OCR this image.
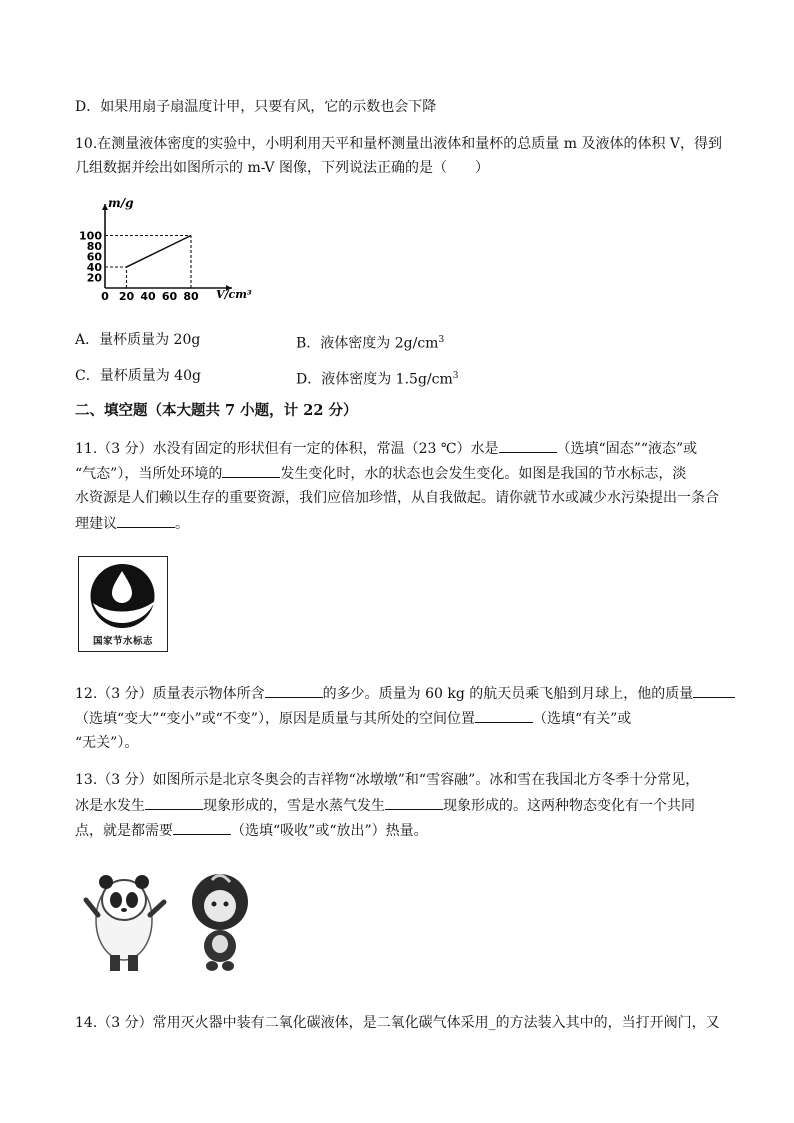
D．如果用扇子扇温度计甲，只要有风，它的示数也会下降
10.在测量液体密度的实验中，小明利用天平和量杯测量出液体和量杯的总质量 m 及液体的体积 V，得到
几组数据并绘出如图所示的 m-V 图像，下列说法正确的是（　　）
20
40
60
80
100
0 20 40 60 80
m/g
V/cm³
A．量杯质量为 20g	B．液体密度为 $2g/cm^3$
C．量杯质量为 40g	D．液体密度为 $1.5g/cm^3$
二、填空题（本大题共 7 小题，计 22 分）
11.（3 分）水没有固定的形状但有一定的体积，常温（23 ℃）水是	（选填“固态”“液态”或
“气态”），当所处环境的	发生变化时，水的状态也会发生变化。如图是我国的节水标志，淡
水资源是人们赖以生存的重要资源，我们应倍加珍惜，从自我做起。请你就节水或减少水污染提出一条合
理建议	。
国家节水标志
12.（3 分）质量表示物体所含	的多少。质量为 60 kg 的航天员乘飞船到月球上，他的质量
（选填“变大”“变小”或“不变”），原因是质量与其所处的空间位置	（选填“有关”或
“无关”）。
13.（3 分）如图所示是北京冬奥会的吉祥物“冰墩墩”和“雪容融”。冰和雪在我国北方冬季十分常见，
冰是水发生	现象形成的，雪是水蒸气发生	现象形成的。这两种物态变化有一个共同
点，就是都需要	（选填“吸收”或“放出”）热量。
14.（3 分）常用灭火器中装有二氧化碳液体，是二氧化碳气体采用_的方法装入其中的，当打开阀门，又
